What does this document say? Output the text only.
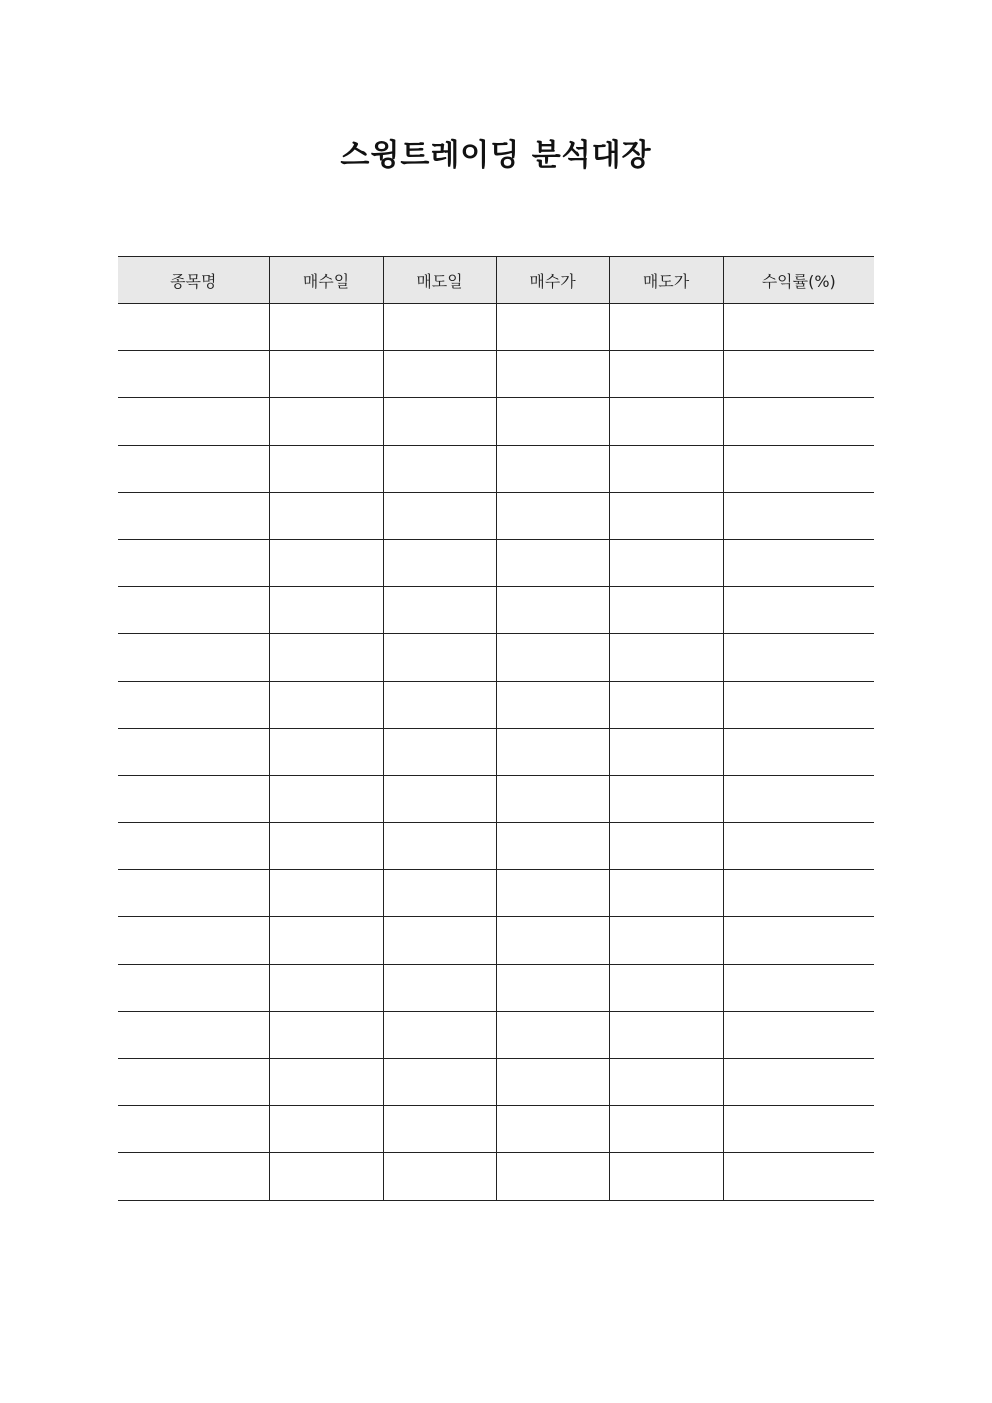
스윙트레이딩 분석대장
종목명	매수일	매도일	매수가	매도가	수익률(%)
